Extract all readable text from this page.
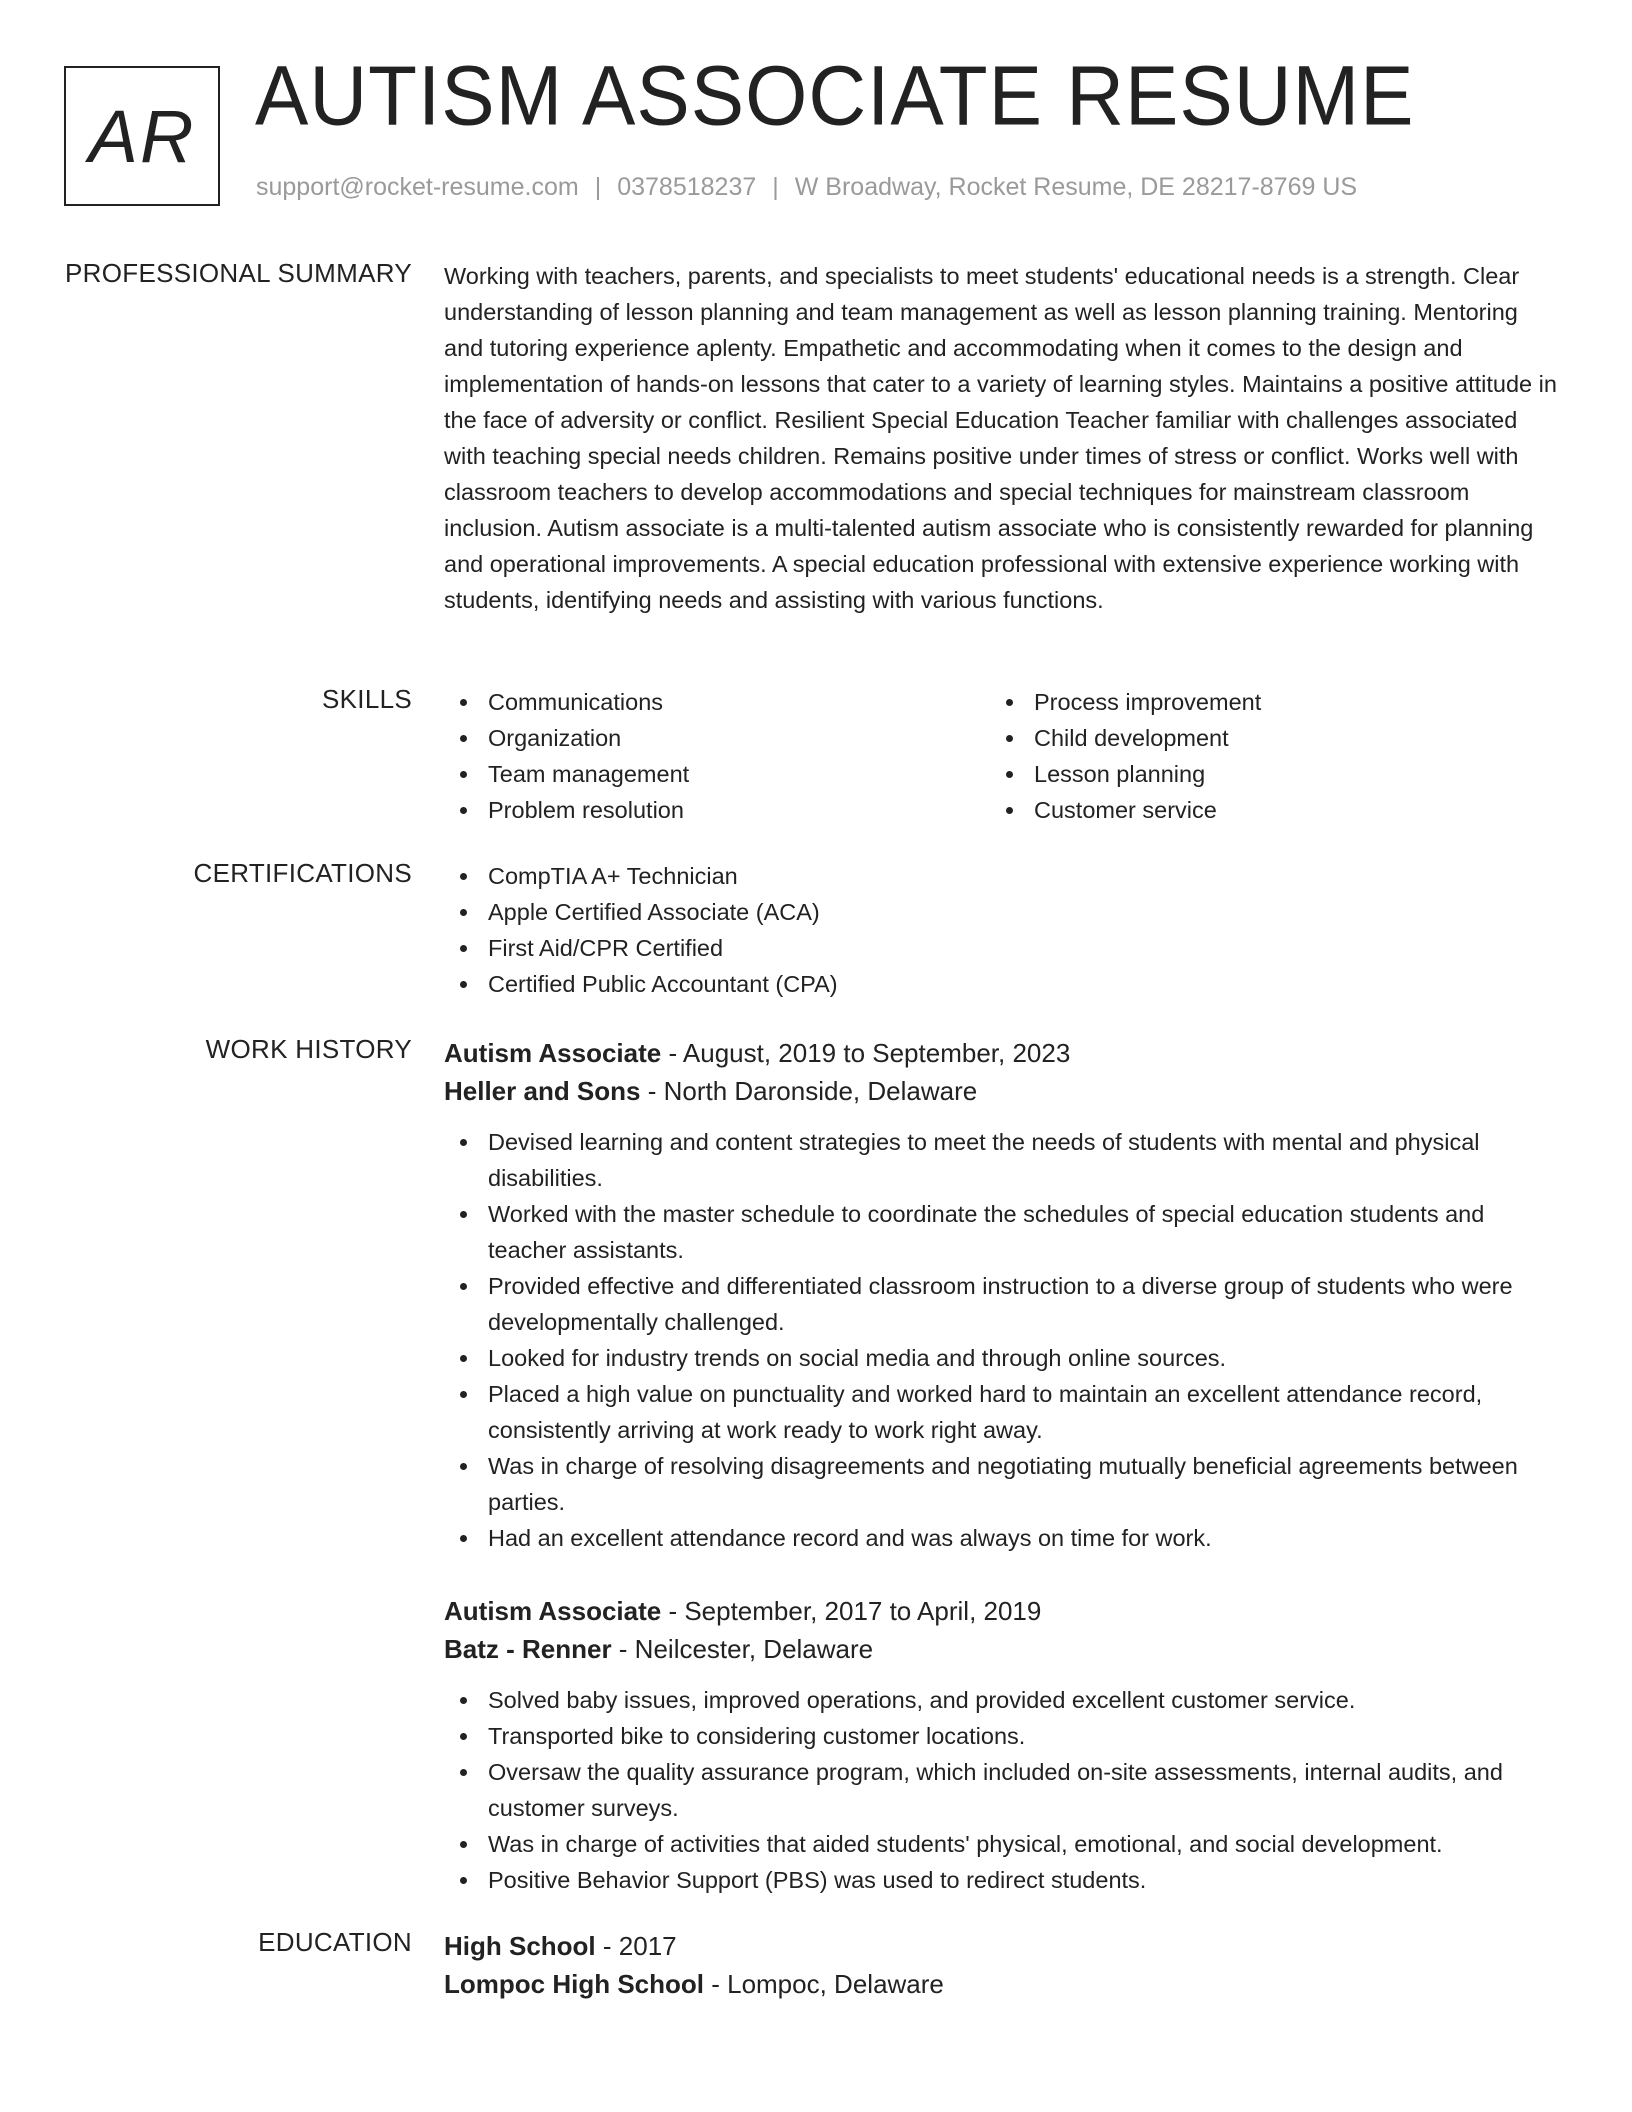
AR AUTISM ASSOCIATE RESUME
support@rocket-resume.com | 0378518237 | W Broadway, Rocket Resume, DE 28217-8769 US
PROFESSIONAL SUMMARY Working with teachers, parents, and specialists to meet students' educational needs is a strength. Clear understanding of lesson planning and team management as well as lesson planning training. Mentoring and tutoring experience aplenty. Empathetic and accommodating when it comes to the design and implementation of hands-on lessons that cater to a variety of learning styles. Maintains a positive attitude in the face of adversity or conflict. Resilient Special Education Teacher familiar with challenges associated with teaching special needs children. Remains positive under times of stress or conflict. Works well with classroom teachers to develop accommodations and special techniques for mainstream classroom inclusion. Autism associate is a multi-talented autism associate who is consistently rewarded for planning and operational improvements. A special education professional with extensive experience working with students, identifying needs and assisting with various functions.

SKILLS	Communications
Organization
Team management
Problem resolution
Process improvement
Child development
Lesson planning
Customer service
CERTIFICATIONS	CompTIA A+ Technician
Apple Certified Associate (ACA)
First Aid/CPR Certified
Certified Public Accountant (CPA)
WORK HISTORY Autism Associate - August, 2019 to September, 2023
Heller and Sons - North Daronside, Delaware
Devised learning and content strategies to meet the needs of students with mental and physical disabilities.
Worked with the master schedule to coordinate the schedules of special education students and teacher assistants.
Provided effective and differentiated classroom instruction to a diverse group of students who were developmentally challenged.
Looked for industry trends on social media and through online sources.
Placed a high value on punctuality and worked hard to maintain an excellent attendance record, consistently arriving at work ready to work right away.
Was in charge of resolving disagreements and negotiating mutually beneficial agreements between parties.
Had an excellent attendance record and was always on time for work.
Autism Associate - September, 2017 to April, 2019
Batz - Renner - Neilcester, Delaware
Solved baby issues, improved operations, and provided excellent customer service.
Transported bike to considering customer locations.
Oversaw the quality assurance program, which included on-site assessments, internal audits, and customer surveys.
Was in charge of activities that aided students' physical, emotional, and social development.
Positive Behavior Support (PBS) was used to redirect students.
EDUCATION High School - 2017
Lompoc High School - Lompoc, Delaware
